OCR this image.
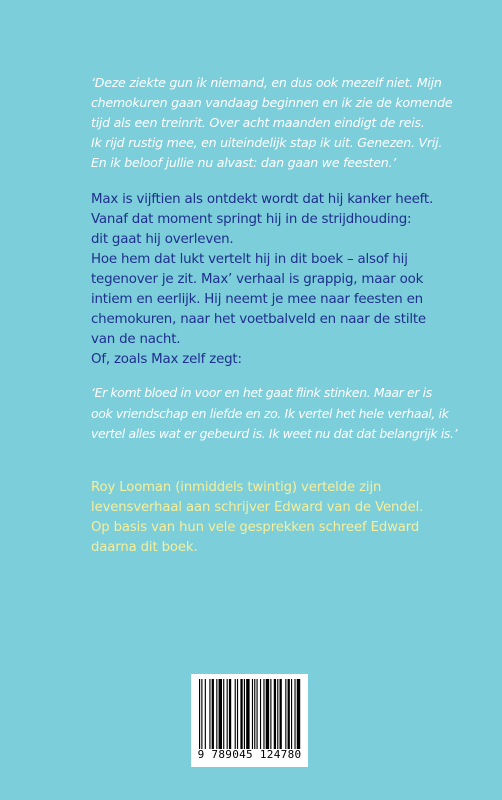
‘Deze ziekte gun ik niemand, en dus ook mezelf niet. Mijn

chemokuren gaan vandaag beginnen en ik zie de komende

tijd als een treinrit. Over acht maanden eindigt de reis.

Ik rijd rustig mee, en uiteindelijk stap ik uit. Genezen. Vrij.

En ik beloof jullie nu alvast: dan gaan we feesten.’

Max is vijftien als ontdekt wordt dat hij kanker heeft.

Vanaf dat moment springt hij in de strijdhouding:

dit gaat hij overleven.

Hoe hem dat lukt vertelt hij in dit boek – alsof hij

tegenover je zit. Max’ verhaal is grappig, maar ook

intiem en eerlijk. Hij neemt je mee naar feesten en

chemokuren, naar het voetbalveld en naar de stilte

van de nacht.

Of, zoals Max zelf zegt:

‘Er komt bloed in voor en het gaat flink stinken. Maar er is

ook vriendschap en liefde en zo. Ik vertel het hele verhaal, ik

vertel alles wat er gebeurd is. Ik weet nu dat dat belangrijk is.’

Roy Looman (inmiddels twintig) vertelde zijn

levensverhaal aan schrijver Edward van de Vendel.

Op basis van hun vele gesprekken schreef Edward

daarna dit boek.

9 789045 124780
